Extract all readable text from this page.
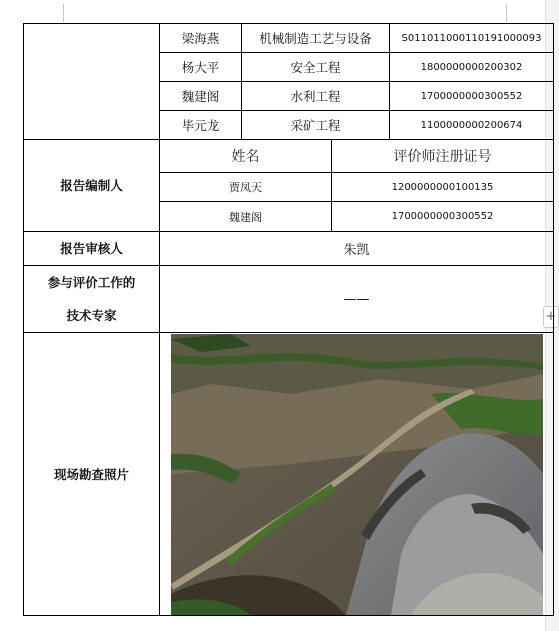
+
	梁海燕	机械制造工艺与设备		S01101100011019100009​3
	杨大平	安全工程		1800000000200302
	魏建阁	水利工程		1700000000300552
	毕元龙	采矿工程		1100000000200674
报告编制人	姓名		评价师注册证号	
	贾凤天		1200000000100135	
	魏建阁		1700000000300552	
报告审核人	朱凯			

参与评价工作的
技术专家	——			
现场勘查照片	
